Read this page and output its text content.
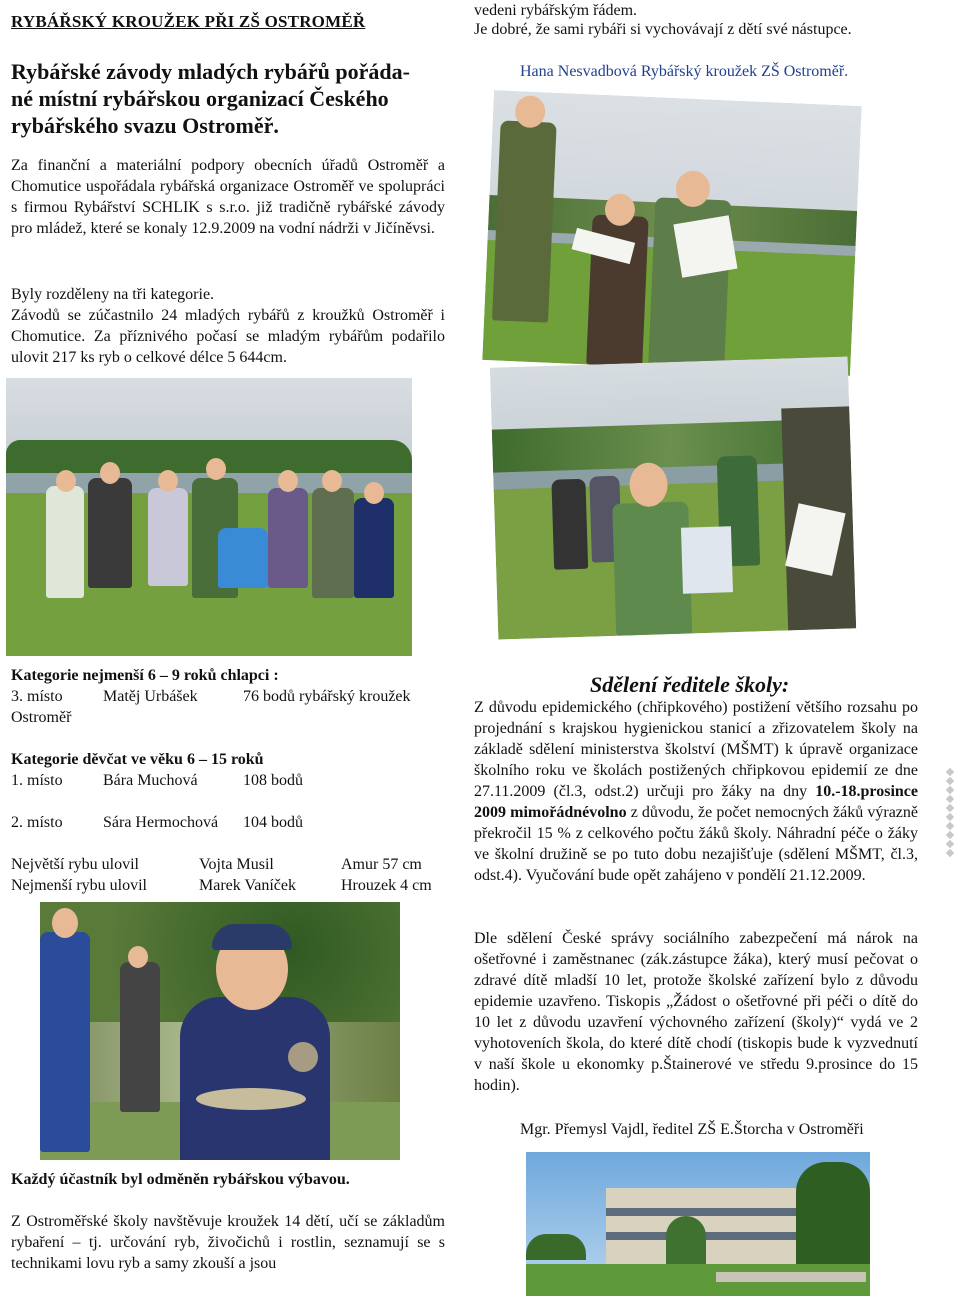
RYBÁŘSKÝ KROUŽEK PŘI ZŠ OSTROMĚŘ
Rybářské závody mladých rybářů pořáda-né místní rybářskou organizací Českého rybářského svazu Ostroměř.
Za finanční a materiální podpory obecních úřadů Ostroměř a Chomutice uspořádala rybářská organizace Ostroměř ve spolupráci s firmou Rybářství SCHLIK s s.r.o. již tradičně rybářské závody pro mládež, které se konaly 12.9.2009 na vodní nádrži v Jičíněvsi.
Byly rozděleny na tři kategorie.
Závodů se zúčastnilo 24 mladých rybářů z kroužků Ostroměř i Chomutice. Za příznivého počasí se mladým rybářům podařilo ulovit 217 ks ryb o celkové délce 5 644cm.
Kategorie nejmenší 6 – 9 roků chlapci :
3. místo	Matěj Urbášek	76 bodů rybářský kroužek Ostroměř
Kategorie děvčat ve věku 6 – 15 roků
1. místo	Bára Muchová	108 bodů
2. místo	Sára Hermochová 104 bodů
Největší rybu ulovil	Vojta Musil	Amur 57 cm
Nejmenší rybu ulovil	Marek Vaníček	Hrouzek 4 cm
Každý účastník byl odměněn rybářskou výbavou.
Z Ostroměřské školy navštěvuje kroužek 14 dětí, učí se základům rybaření – tj. určování ryb, živočichů i rostlin, seznamují se s technikami lovu ryb a samy zkouší a jsou
vedeni rybářským řádem.
Je dobré, že sami rybáři si vychovávají z dětí své nástupce.
Hana Nesvadbová Rybářský kroužek ZŠ Ostroměř.
Sdělení ředitele školy:
Z důvodu epidemického (chřipkového) postižení většího rozsahu po projednání s krajskou hygienickou stanicí a zřizovatelem školy na základě sdělení ministerstva školství (MŠMT) k úpravě organizace školního roku ve školách postižených chřipkovou epidemií ze dne 27.11.2009 (čl.3, odst.2) určuji pro žáky na dny 10.-18.prosince 2009 mimořádnévolno z důvodu, že počet nemocných žáků výrazně překročil 15 % z celkového počtu žáků školy. Náhradní péče o žáky ve školní družině se po tuto dobu nezajišťuje (sdělení MŠMT, čl.3, odst.4). Vyučování bude opět zahájeno v pondělí 21.12.2009.
Dle sdělení České správy sociálního zabezpečení má nárok na ošetřovné i zaměstnanec (zák.zástupce žáka), který musí pečovat o zdravé dítě mladší 10 let, protože školské zařízení bylo z důvodu epidemie uzavřeno. Tiskopis „Žádost o ošetřovné při péči o dítě do 10 let z důvodu uzavření výchovného zařízení (školy)“ vydá ve 2 vyhotoveních škola, do které dítě chodí (tiskopis bude k vyzvednutí v naší škole u ekonomky p.Štainerové ve středu 9.prosince do 15 hodin).
Mgr. Přemysl Vajdl, ředitel ZŠ E.Štorcha v Ostroměři
